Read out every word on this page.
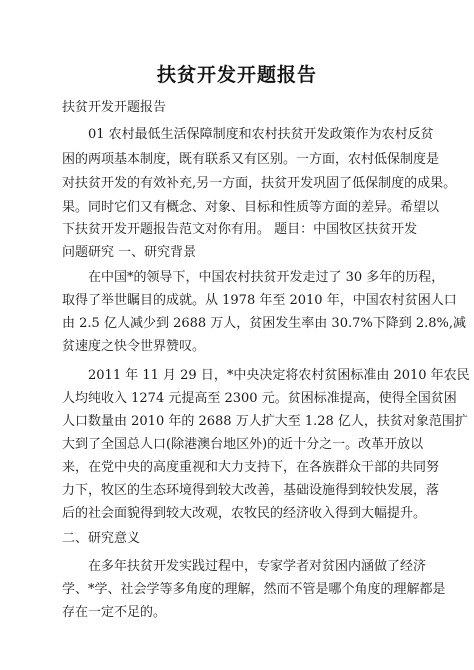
扶贫开发开题报告
扶贫开发开题报告
01 农村最低生活保障制度和农村扶贫开发政策作为农村反贫
困的两项基本制度，既有联系又有区别。一方面，农村低保制度是
对扶贫开发的有效补充,另一方面，扶贫开发巩固了低保制度的成果。
果。同时它们又有概念、对象、目标和性质等方面的差异。希望以
下扶贫开发开题报告范文对你有用。 题目：中国牧区扶贫开发
问题研究 一、研究背景
在中国*的领导下，中国农村扶贫开发走过了 30 多年的历程，
取得了举世瞩目的成就。从 1978 年至 2010 年，中国农村贫困人口
由 2.5 亿人减少到 2688 万人，贫困发生率由 30.7%下降到 2.8%,减
贫速度之快令世界赞叹。
2011 年 11 月 29 日，*中央决定将农村贫困标准由 2010 年农民
人均纯收入 1274 元提高至 2300 元。贫困标准提高，使得全国贫困
人口数量由 2010 年的 2688 万人扩大至 1.28 亿人，扶贫对象范围扩
大到了全国总人口(除港澳台地区外)的近十分之一。改革开放以
来，在党中央的高度重视和大力支持下，在各族群众干部的共同努
力下，牧区的生态环境得到较大改善，基础设施得到较快发展，落
后的社会面貌得到较大改观，农牧民的经济收入得到大幅提升。
二、研究意义
在多年扶贫开发实践过程中，专家学者对贫困内涵做了经济
学、*学、社会学等多角度的理解，然而不管是哪个角度的理解都是
存在一定不足的。
